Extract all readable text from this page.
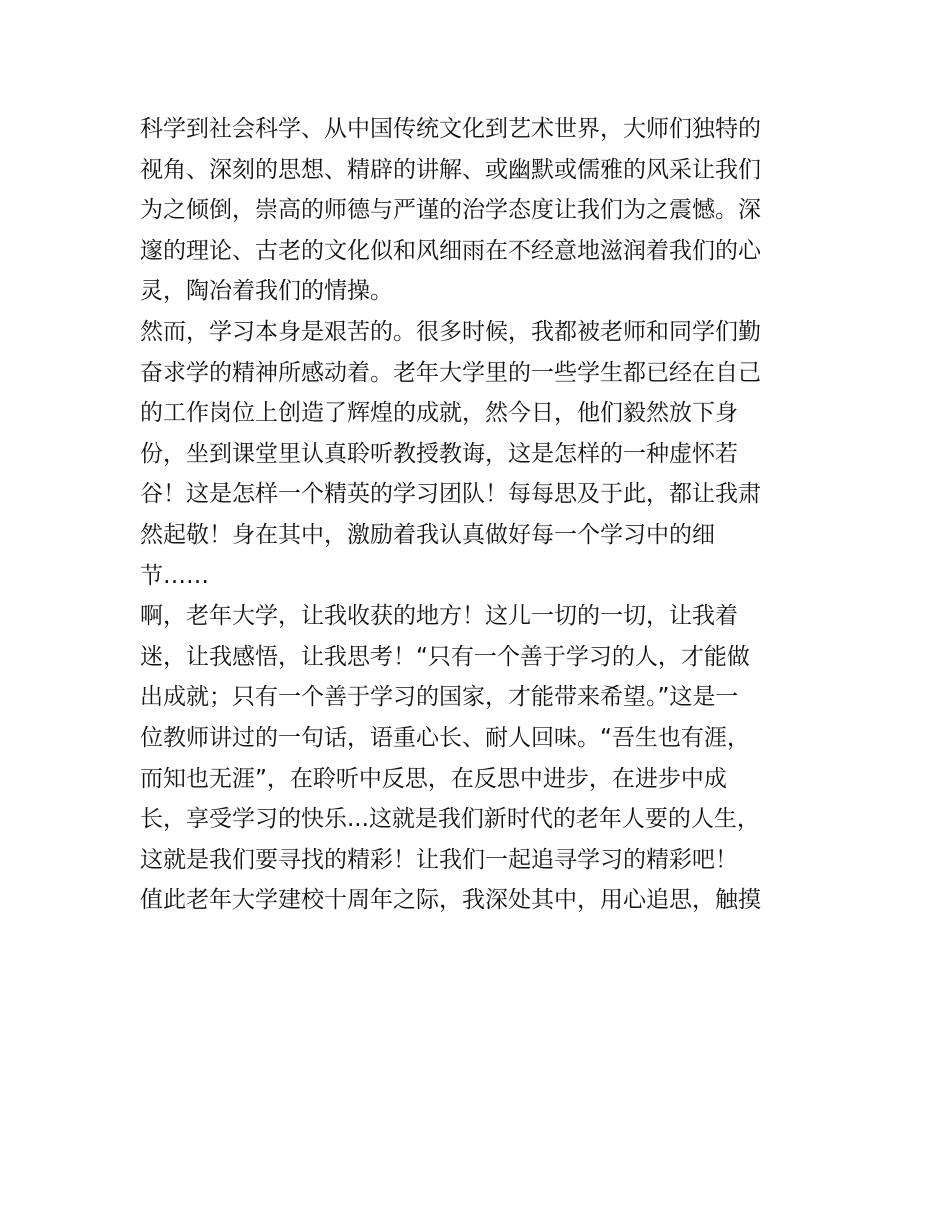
科学到社会科学、从中国传统文化到艺术世界，大师们独特的
视角、深刻的思想、精辟的讲解、或幽默或儒雅的风采让我们
为之倾倒，崇高的师德与严谨的治学态度让我们为之震憾。深
邃的理论、古老的文化似和风细雨在不经意地滋润着我们的心
灵，陶冶着我们的情操。
然而，学习本身是艰苦的。很多时候，我都被老师和同学们勤
奋求学的精神所感动着。老年大学里的一些学生都已经在自己
的工作岗位上创造了辉煌的成就，然今日，他们毅然放下身
份，坐到课堂里认真聆听教授教诲，这是怎样的一种虚怀若
谷！这是怎样一个精英的学习团队！每每思及于此，都让我肃
然起敬！身在其中，激励着我认真做好每一个学习中的细
节……
啊，老年大学，让我收获的地方！这儿一切的一切，让我着
迷，让我感悟，让我思考！“只有一个善于学习的人，才能做
出成就；只有一个善于学习的国家，才能带来希望。”这是一
位教师讲过的一句话，语重心长、耐人回味。“吾生也有涯，
而知也无涯”，在聆听中反思，在反思中进步，在进步中成
长，享受学习的快乐...这就是我们新时代的老年人要的人生，
这就是我们要寻找的精彩！让我们一起追寻学习的精彩吧！
值此老年大学建校十周年之际，我深处其中，用心追思，触摸
